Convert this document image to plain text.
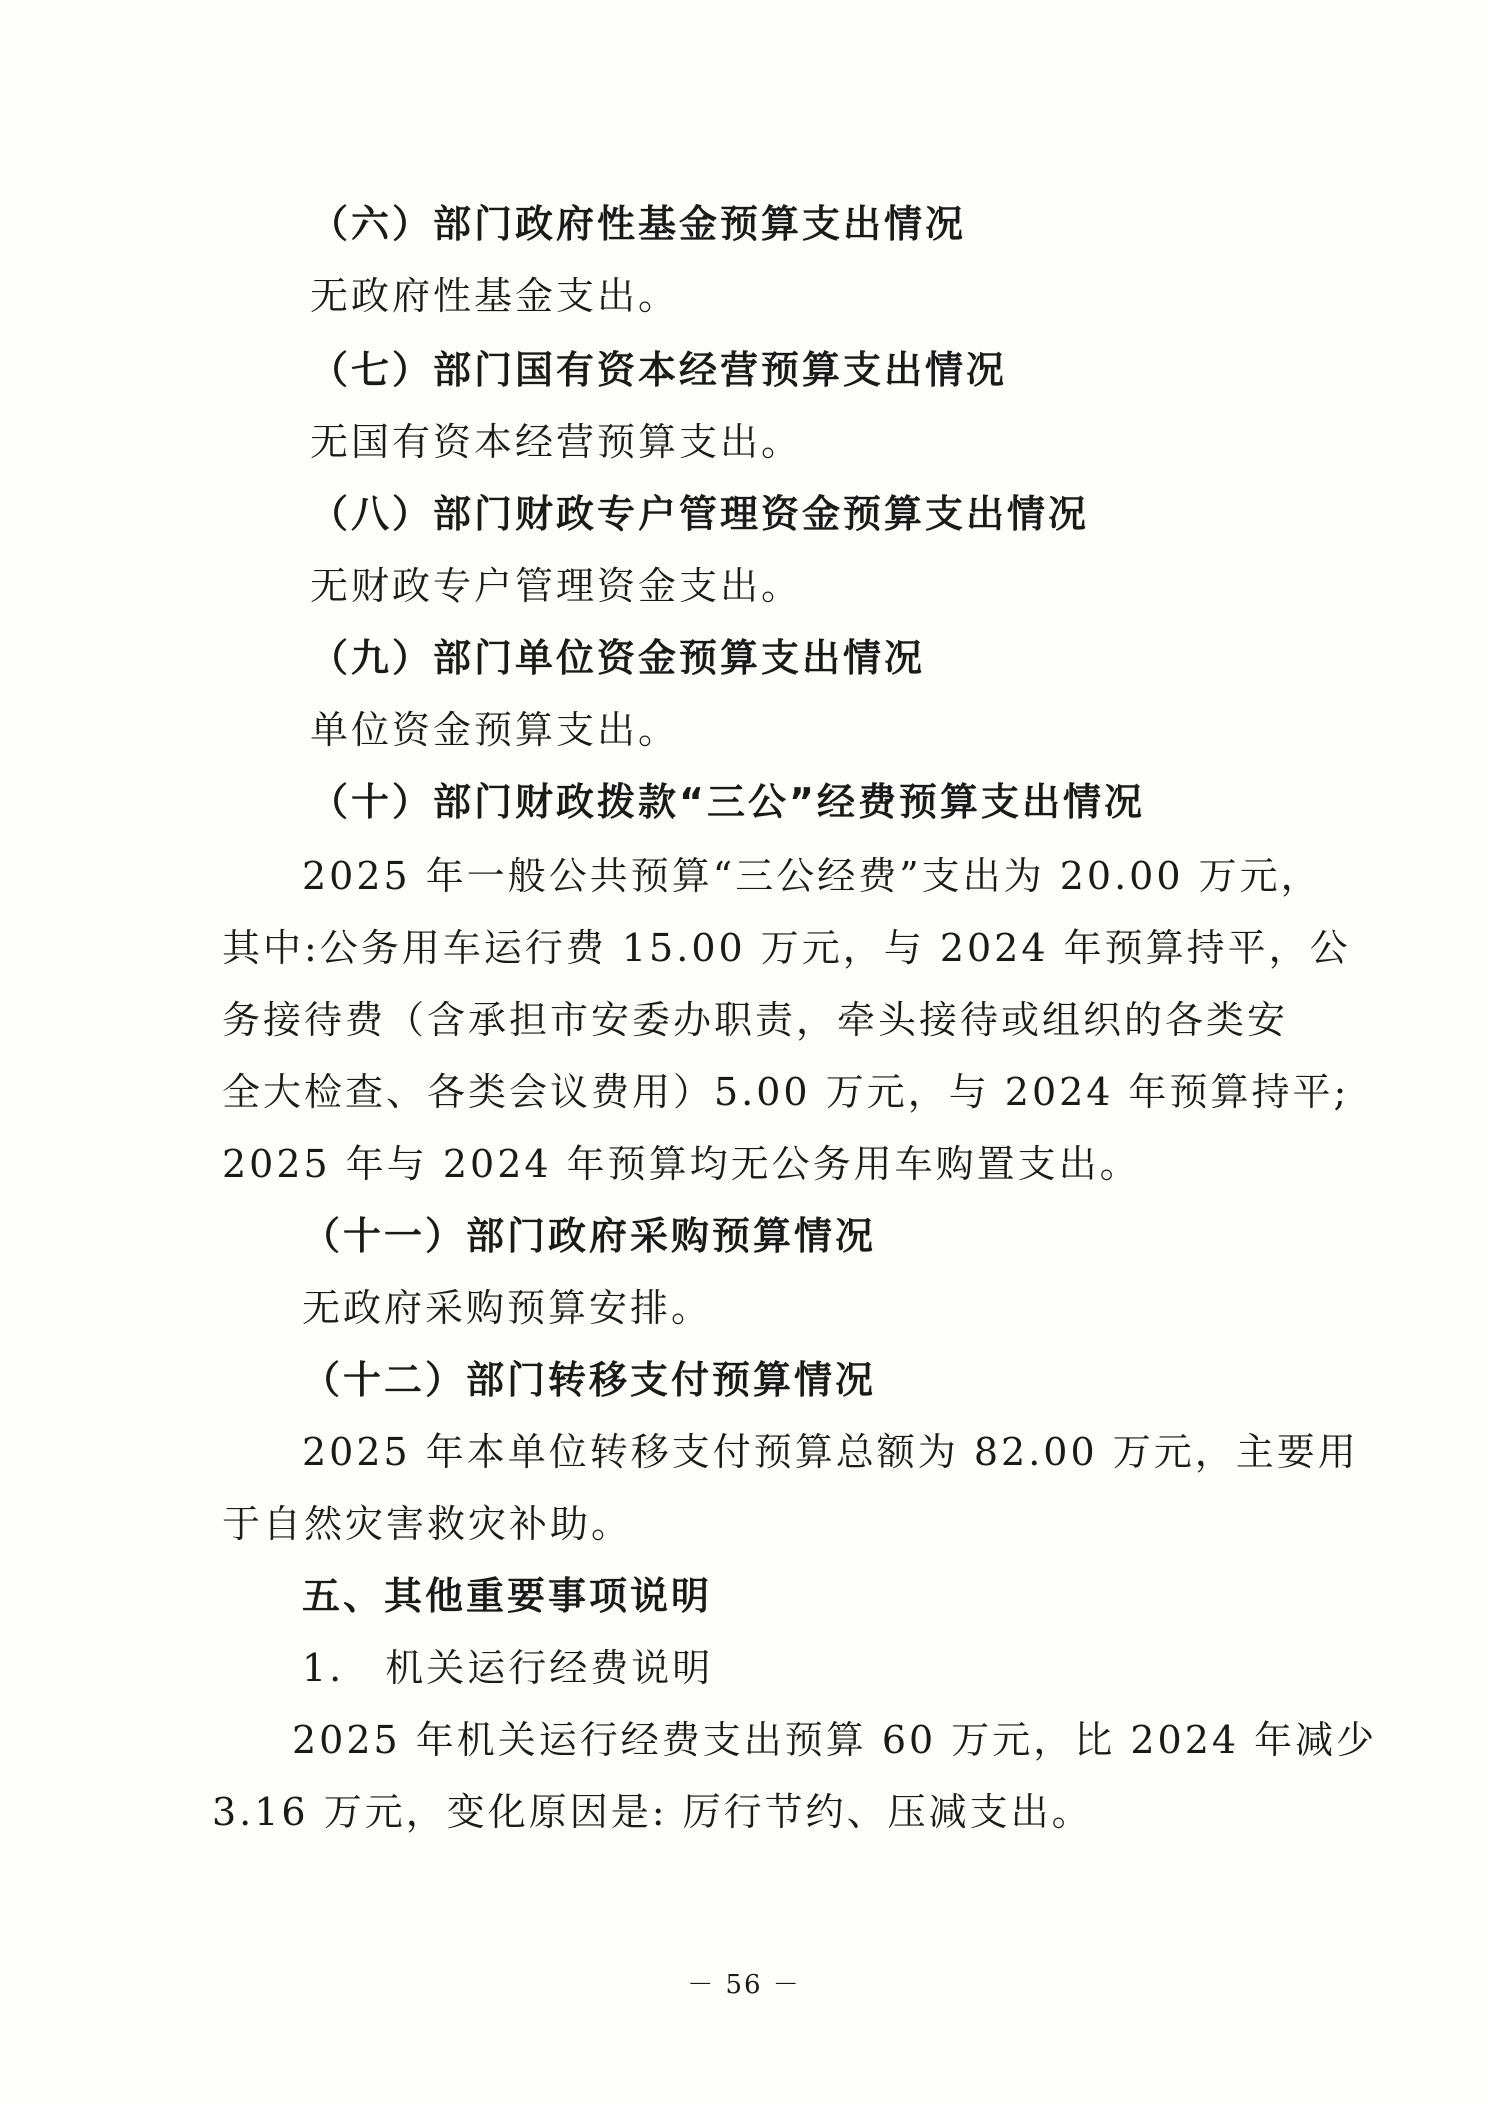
（六）部门政府性基金预算支出情况
无政府性基金支出。
（七）部门国有资本经营预算支出情况
无国有资本经营预算支出。
（八）部门财政专户管理资金预算支出情况
无财政专户管理资金支出。
（九）部门单位资金预算支出情况
单位资金预算支出。
（十）部门财政拨款“三公”经费预算支出情况
2025 年一般公共预算“三公经费”支出为 20.00 万元，
其中:公务用车运行费 15.00 万元，与 2024 年预算持平，公
务接待费（含承担市安委办职责，牵头接待或组织的各类安
全大检查、各类会议费用）5.00 万元，与 2024 年预算持平;
2025 年与 2024 年预算均无公务用车购置支出。
（十一）部门政府采购预算情况
无政府采购预算安排。
（十二）部门转移支付预算情况
2025 年本单位转移支付预算总额为 82.00 万元，主要用
于自然灾害救灾补助。
五、其他重要事项说明
1.　机关运行经费说明
2025 年机关运行经费支出预算 60 万元，比 2024 年减少
3.16 万元，变化原因是: 厉行节约、压减支出。
－ 56 －
